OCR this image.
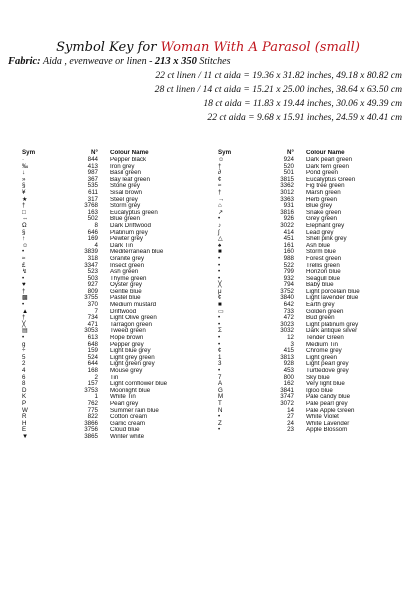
Symbol Key for Woman With A Parasol (small)
Fabric: Aida , evenweave or linen - 213 x 350 Stitches
22 ct linen / 11 ct aida = 19.36 x 31.82 inches, 49.18 x 80.82 cm
28 ct linen / 14 ct aida = 15.21 x 25.00 inches, 38.64 x 63.50 cm
18 ct aida = 11.83 x 19.44 inches, 30.06 x 49.39 cm
22 ct aida = 9.68 x 15.91 inches, 24.59 x 40.41 cm
Sym	N° Colour Name
·	844 Pepper black
‰	413 Iron grey
↓	987 Basil green
»	367 Bay leaf green
§	535 Stone grey
¥	611 Sisal brown
★	317 Steel grey
†	3768 Storm grey
□	163 Eucalyptus green
⇔	502 Blue green
Ω	8 Dark Driftwood
§	646 Platinum grey
↑	169 Pewter grey
☺	4 Dark Tin
•	3839 Mediterranean blue
≈	318 Granite grey
£	3347 Insect green
↯	523 Ash green
•	503 Thyme green
♥	927 Oyster grey
†	809 Gentle blue
▩	3755 Pastel blue
•	370 Medium mustard
▲	7 Driftwood
†	734 Light Olive green
╳	471 Tarragon green
▤	3053 Tweed green
•	613 Rope brown
g	648 Pepper grey
÷	159 Light blue grey
5	524 Light grey green
2	644 Light green grey
4	168 Mouse grey
6	2 Tin
8	157 Light cornflower blue
D	3753 Moonlight blue
K	1 White Tin
P	762 Pearl grey
W	775 Summer rain blue
R	822 Cotton cream
H	3866 Garlic cream
E	3756 Cloud blue
▼	3865 Winter white
Sym	N° Colour Name
☺	924 Dark pearl green
†	520 Dark fern green
∂	501 Pond green
¢	3815 Eucalyptus Green
≈	3362 Fig tree green
†	3012 Marsh green
→	3363 Herb green
⌂	931 Blue grey
↗	3816 Snake green
•	926 Grey green
♪	3022 Elephant grey
∫	414 Lead grey
△	451 Shell pink grey
♠	161 Ash blue
■	160 Storm blue
•	988 Forest green
•	522 Trellis green
•	799 Horizon blue
•	932 Seagull blue
╳	794 Baby blue
μ	3752 Light porcelain blue
¢	3840 Light lavender blue
■	642 Earth grey
▭	733 Golden green
•	472 Bud green
•	3023 Light platinum grey
Σ	3032 Dark antique silver
•	12 Tender Green
•	3 Medium Tin
¢	415 Chrome grey
1	3813 Light green
3	928 Light pearl grey
•	453 Turtledove grey
7	800 Sky blue
A	162 Very light blue
G	3841 Igloo blue
M	3747 Pale candy blue
T	3072 Pale pearl grey
N	14 Pale Apple Green
•	27 White Violet
Z	24 White Lavender
•	23 Apple Blossom
